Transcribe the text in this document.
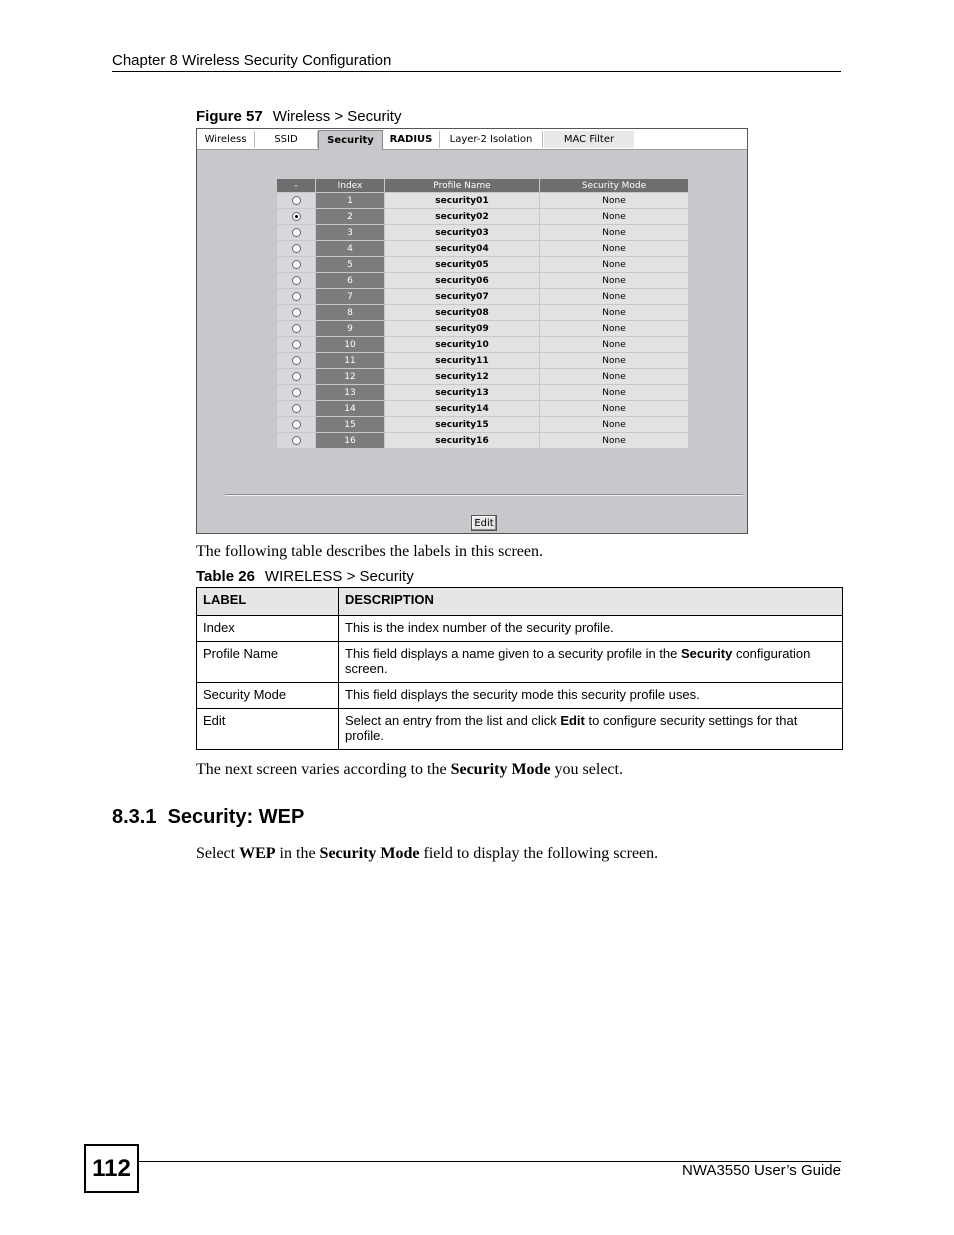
Chapter 8 Wireless Security Configuration
Figure 57 Wireless > Security
Wireless	SSID	Security	RADIUS	Layer-2 Isolation	MAC Filter
-	Index	Profile Name	Security Mode
	1	security01	None
	2	security02	None
	3	security03	None
	4	security04	None
	5	security05	None
	6	security06	None
	7	security07	None
	8	security08	None
	9	security09	None
	10	security10	None
	11	security11	None
	12	security12	None
	13	security13	None
	14	security14	None
	15	security15	None
	16	security16	None
Edit
The following table describes the labels in this screen.
Table 26 WIRELESS > Security
LABEL	DESCRIPTION
Index	This is the index number of the security profile.
Profile Name	This field displays a name given to a security profile in the Security configuration screen.
Security Mode	This field displays the security mode this security profile uses.
Edit	Select an entry from the list and click Edit to configure security settings for that profile.
The next screen varies according to the Security Mode you select.
8.3.1  Security: WEP
Select WEP in the Security Mode field to display the following screen.
112	NWA3550 User’s Guide
